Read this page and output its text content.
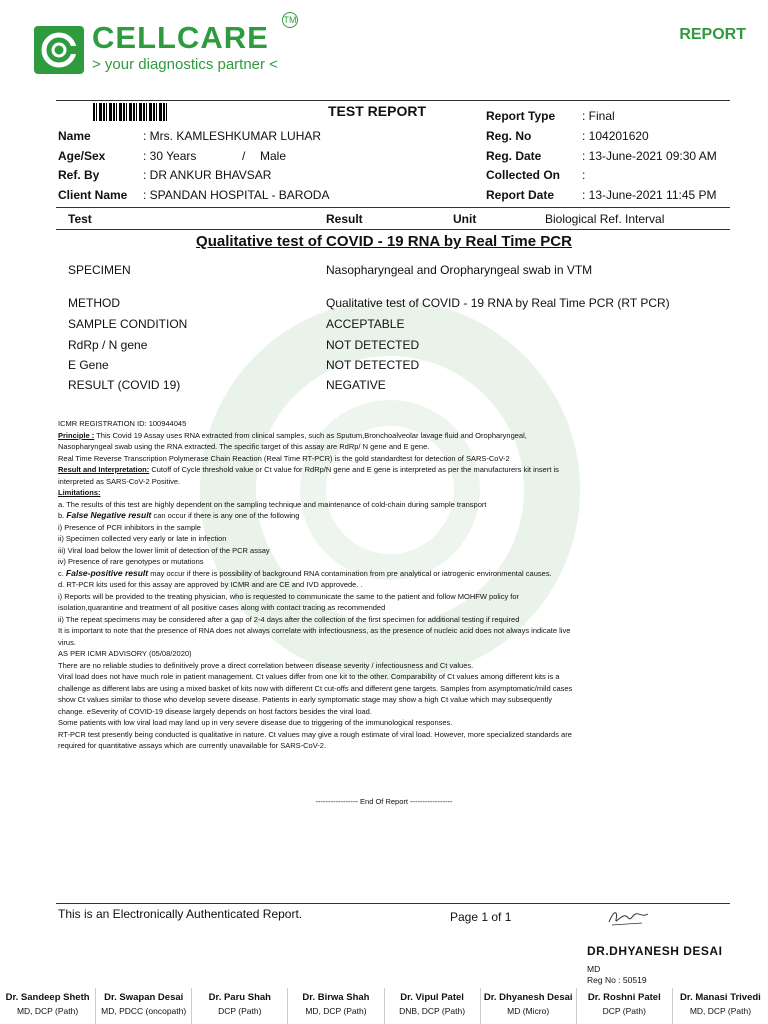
CELLCARE TM
> your diagnostics partner <
REPORT
TEST REPORT	Report Type : Final
Name	: Mrs. KAMLESHKUMAR LUHAR
Age/Sex	: 30 Years	/ Male
Ref. By	: DR ANKUR BHAVSAR
Client Name : SPANDAN HOSPITAL - BARODA
Reg. No	: 104201620
Reg. Date	: 13-June-2021 09:30 AM
Collected On :
Report Date : 13-June-2021 11:45 PM
Test	Result	Unit	Biological Ref. Interval
Qualitative test of COVID - 19 RNA by Real Time PCR
SPECIMEN	Nasopharyngeal and Oropharyngeal swab in VTM
METHOD	Qualitative test of COVID - 19 RNA by Real Time PCR (RT PCR)
SAMPLE CONDITION	ACCEPTABLE
RdRp / N gene	NOT DETECTED
E Gene	NOT DETECTED
RESULT (COVID 19)	NEGATIVE

ICMR REGISTRATION ID: 100944045

Principle : This Covid 19 Assay uses RNA extracted from clinical samples, such as Sputum,Bronchoalveolar lavage fluid and Oropharyngeal,

Nasopharyngeal swab using the RNA extracted. The specific target of this assay are RdRp/ N gene and E gene.

Real Time Reverse Transcription Polymerase Chain Reaction (Real Time RT-PCR) is the gold standardtest for detection of SARS-CoV-2

Result and Interpretation: Cutoff of Cycle threshold value or Ct value for RdRp/N gene and E gene is interpreted as per the manufacturers kit insert is

interpreted as SARS-CoV-2 Positive.

Limitations:

a. The results of this test are highly dependent on the sampling technique and maintenance of cold-chain during sample transport

b. False Negative result can occur if there is any one of the following

i) Presence of PCR inhibitors in the sample

ii) Specimen collected very early or late in infection

iii) Viral load below the lower limit of detection of the PCR assay

iv) Presence of rare genotypes or mutations

c. False-positive result may occur if there is possibility of background RNA contamination from pre analytical or iatrogenic environmental causes.

d. RT-PCR kits used for this assay are approved by ICMR and are CE and IVD approvede. .

i) Reports will be provided to the treating physician, who is requested to communicate the same to the patient and follow MOHFW policy for

isolation,quarantine and treatment of all positive cases along with contact tracing as recommended

ii) The repeat specimens may be considered after a gap of 2-4 days after the collection of the first specimen for additional testing if required

It is important to note that the presence of RNA does not always correlate with infectiousness, as the presence of nucleic acid does not always indicate live

virus.

AS PER ICMR ADVISORY (05/08/2020)

There are no reliable studies to definitively prove a direct correlation between disease severity / infectiousness and Ct values.

Viral load does not have much role in patient management. Ct values differ from one kit to the other. Comparability of Ct values among different kits is a

challenge as different labs are using a mixed basket of kits now with different Ct cut-offs and different gene targets. Samples from asymptomatic/mild cases

show Ct values similar to those who develop severe disease. Patients in early symptomatic stage may show a high Ct value which may subsequently

change. eSeverity of COVID-19 disease largely depends on host factors besides the viral load.

Some patients with low viral load may land up in very severe disease due to triggering of the immunological responses.

RT-PCR test presently being conducted is qualitative in nature. Ct values may give a rough estimate of viral load. However, more specialized standards are

required for quantitative assays which are currently unavailable for SARS-CoV-2.

----------------- End Of Report -----------------
This is an Electronically Authenticated Report.	Page 1 of 1
DR.DHYANESH DESAI
MD
Reg No : 50519
Dr. Sandeep Sheth
MD, DCP (Path)
Dr. Swapan Desai
MD, PDCC (oncopath)
Dr. Paru Shah
DCP (Path)
Dr. Birwa Shah
MD, DCP (Path)
Dr. Vipul Patel
DNB, DCP (Path)
Dr. Dhyanesh Desai
MD (Micro)
Dr. Roshni Patel
DCP (Path)
Dr. Manasi Trivedi
MD, DCP (Path)
